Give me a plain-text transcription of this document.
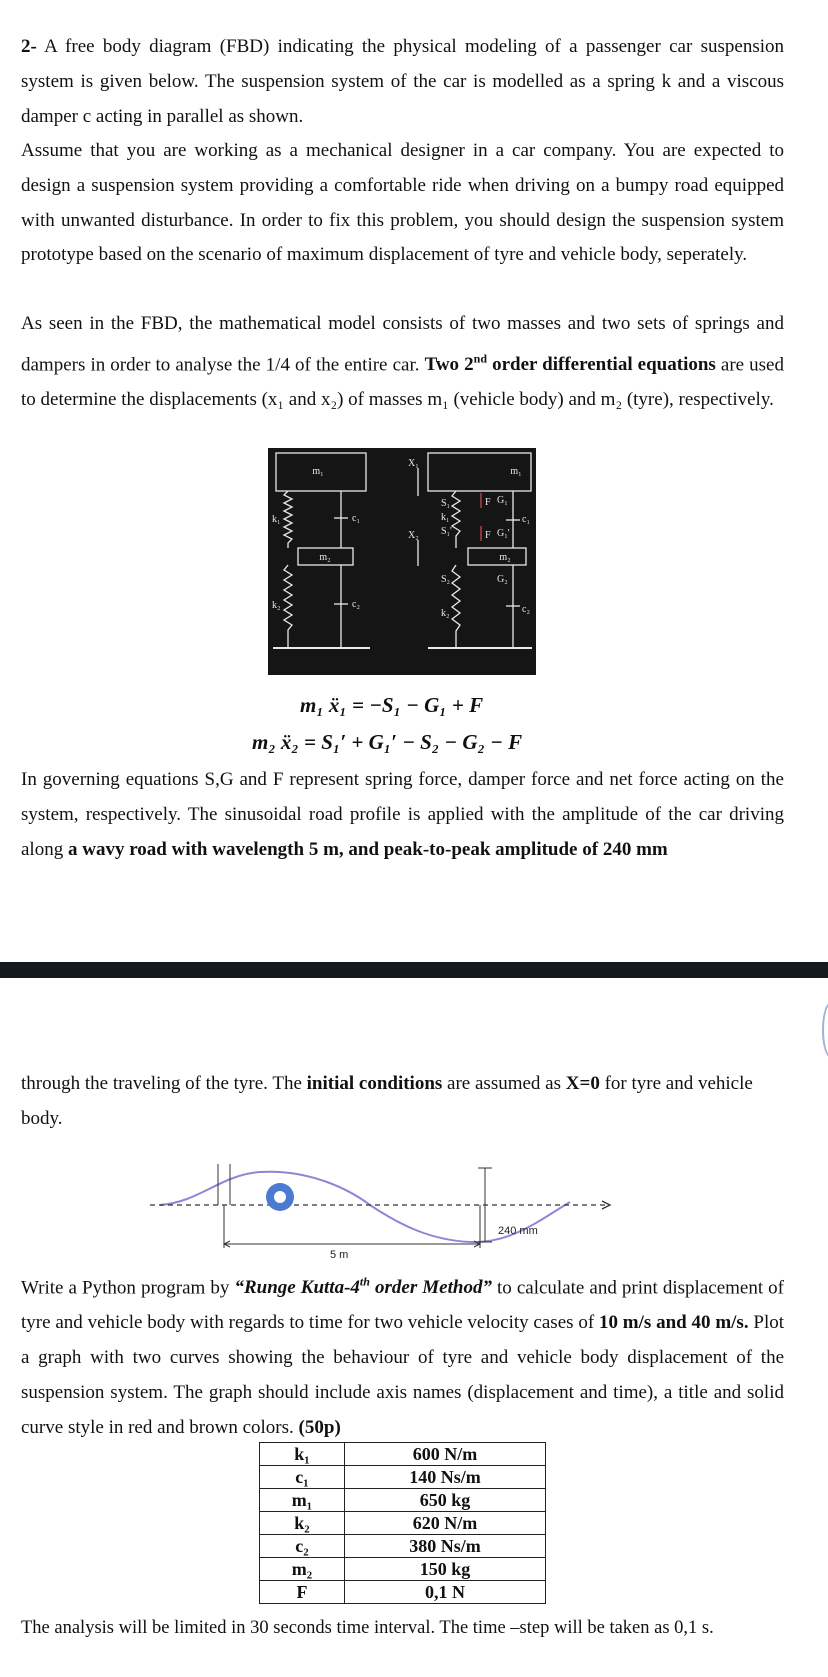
2- A free body diagram (FBD) indicating the physical modeling of a passenger car suspension system is given below. The suspension system of the car is modelled as a spring k and a viscous damper c acting in parallel as shown.

Assume that you are working as a mechanical designer in a car company. You are expected to design a suspension system providing a comfortable ride when driving on a bumpy road equipped with unwanted disturbance. In order to fix this problem, you should design the suspension system prototype based on the scenario of maximum displacement of tyre and vehicle body, seperately.

As seen in the FBD, the mathematical model consists of two masses and two sets of springs and dampers in order to analyse the 1/4 of the entire car. Two 2nd order differential equations are used to determine the displacements (x₁ and x₂) of masses m₁ (vehicle body) and m₂ (tyre), respectively.

m₁
m₂
k₁
k₂
c₁
c₂
m₁
m₂
X₁
X₂
S₁
k₁
S₁'
S₂
k₂
F
F
G₁
G₁'
G₂
c₁
c₂
m₁ ẍ₁ = −S₁ − G₁ + F
m₂ ẍ₂ = S₁′ + G₁′ − S₂ − G₂ − F

In governing equations S,G and F represent spring force, damper force and net force acting on the system, respectively. The sinusoidal road profile is applied with the amplitude of the car driving along a wavy road with wavelength 5 m, and peak-to-peak amplitude of 240 mm

through the traveling of the tyre. The initial conditions are assumed as X=0 for tyre and vehicle body.

240 mm
5 m

Write a Python program by “Runge Kutta-4th order Method” to calculate and print displacement of tyre and vehicle body with regards to time for two vehicle velocity cases of 10 m/s and 40 m/s. Plot a graph with two curves showing the behaviour of tyre and vehicle body displacement of the suspension system. The graph should include axis names (displacement and time), a title and solid curve style in red and brown colors. (50p)

k₁	600 N/m
c₁	140 Ns/m
m₁	650 kg
k₂	620 N/m
c₂	380 Ns/m
m₂	150 kg
F	0,1 N

The analysis will be limited in 30 seconds time interval. The time –step will be taken as 0,1 s.
